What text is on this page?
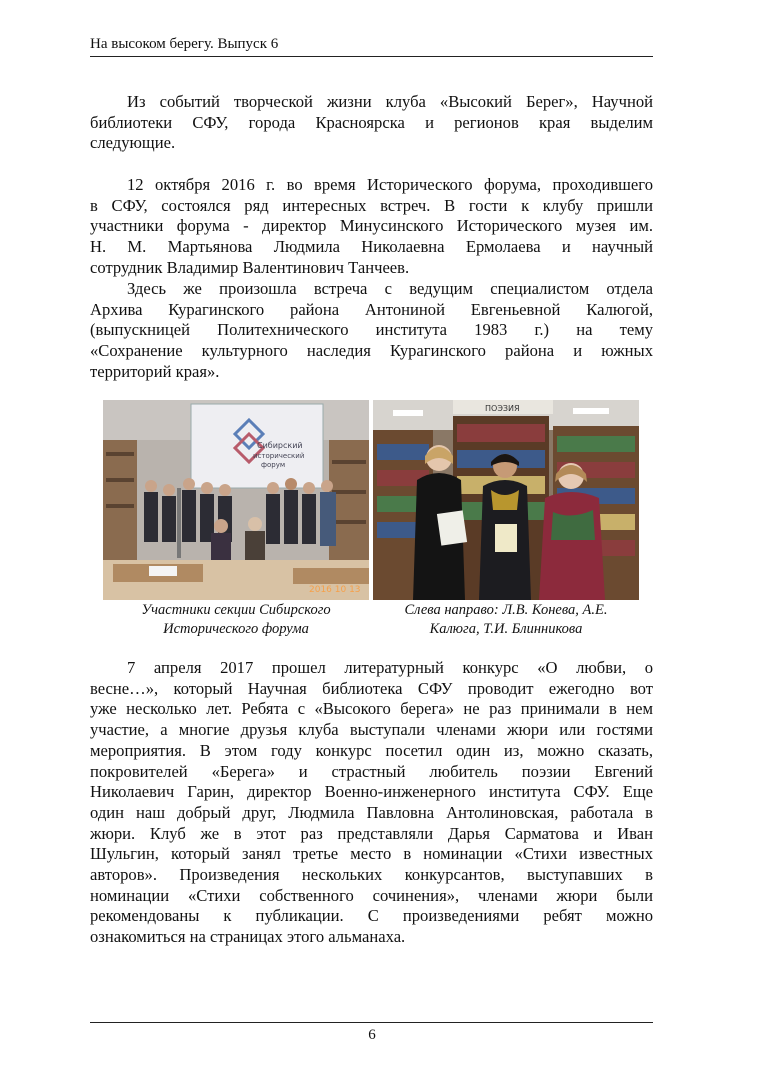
На высоком берегу. Выпуск 6
Из событий творческой жизни клуба «Высокий Берег», Научной
библиотеки СФУ, города Красноярска и регионов края выделим
следующие.
12 октября 2016 г. во время Исторического форума, проходившего
в СФУ, состоялся ряд интересных встреч. В гости к клубу пришли
участники форума - директор Минусинского Исторического музея им.
Н. М. Мартьянова Людмила Николаевна Ермолаева и научный
сотрудник Владимир Валентинович Танчеев.
Здесь же произошла встреча с ведущим специалистом отдела
Архива Курагинского района Антониной Евгеньевной Калюгой,
(выпускницей Политехнического института 1983 г.) на тему
«Сохранение культурного наследия Курагинского района и южных
территорий края».
Сибирский
исторический
форум
2016 10 13
ПОЭЗИЯ
Участники секции Сибирского
Исторического форума
Слева направо: Л.В. Конева, А.Е.
Калюга, Т.И. Блинникова
7 апреля 2017 прошел литературный конкурс «О любви, о
весне…», который Научная библиотека СФУ проводит ежегодно вот
уже несколько лет. Ребята с «Высокого берега» не раз принимали в нем
участие, а многие друзья клуба выступали членами жюри или гостями
мероприятия. В этом году конкурс посетил один из, можно сказать,
покровителей «Берега» и страстный любитель поэзии Евгений
Николаевич Гарин, директор Военно-инженерного института СФУ. Еще
один наш добрый друг, Людмила Павловна Антолиновская, работала в
жюри. Клуб же в этот раз представляли Дарья Сарматова и Иван
Шульгин, который занял третье место в номинации «Стихи известных
авторов». Произведения нескольких конкурсантов, выступавших в
номинации «Стихи собственного сочинения», членами жюри были
рекомендованы к публикации. С произведениями ребят можно
ознакомиться на страницах этого альманаха.
6
